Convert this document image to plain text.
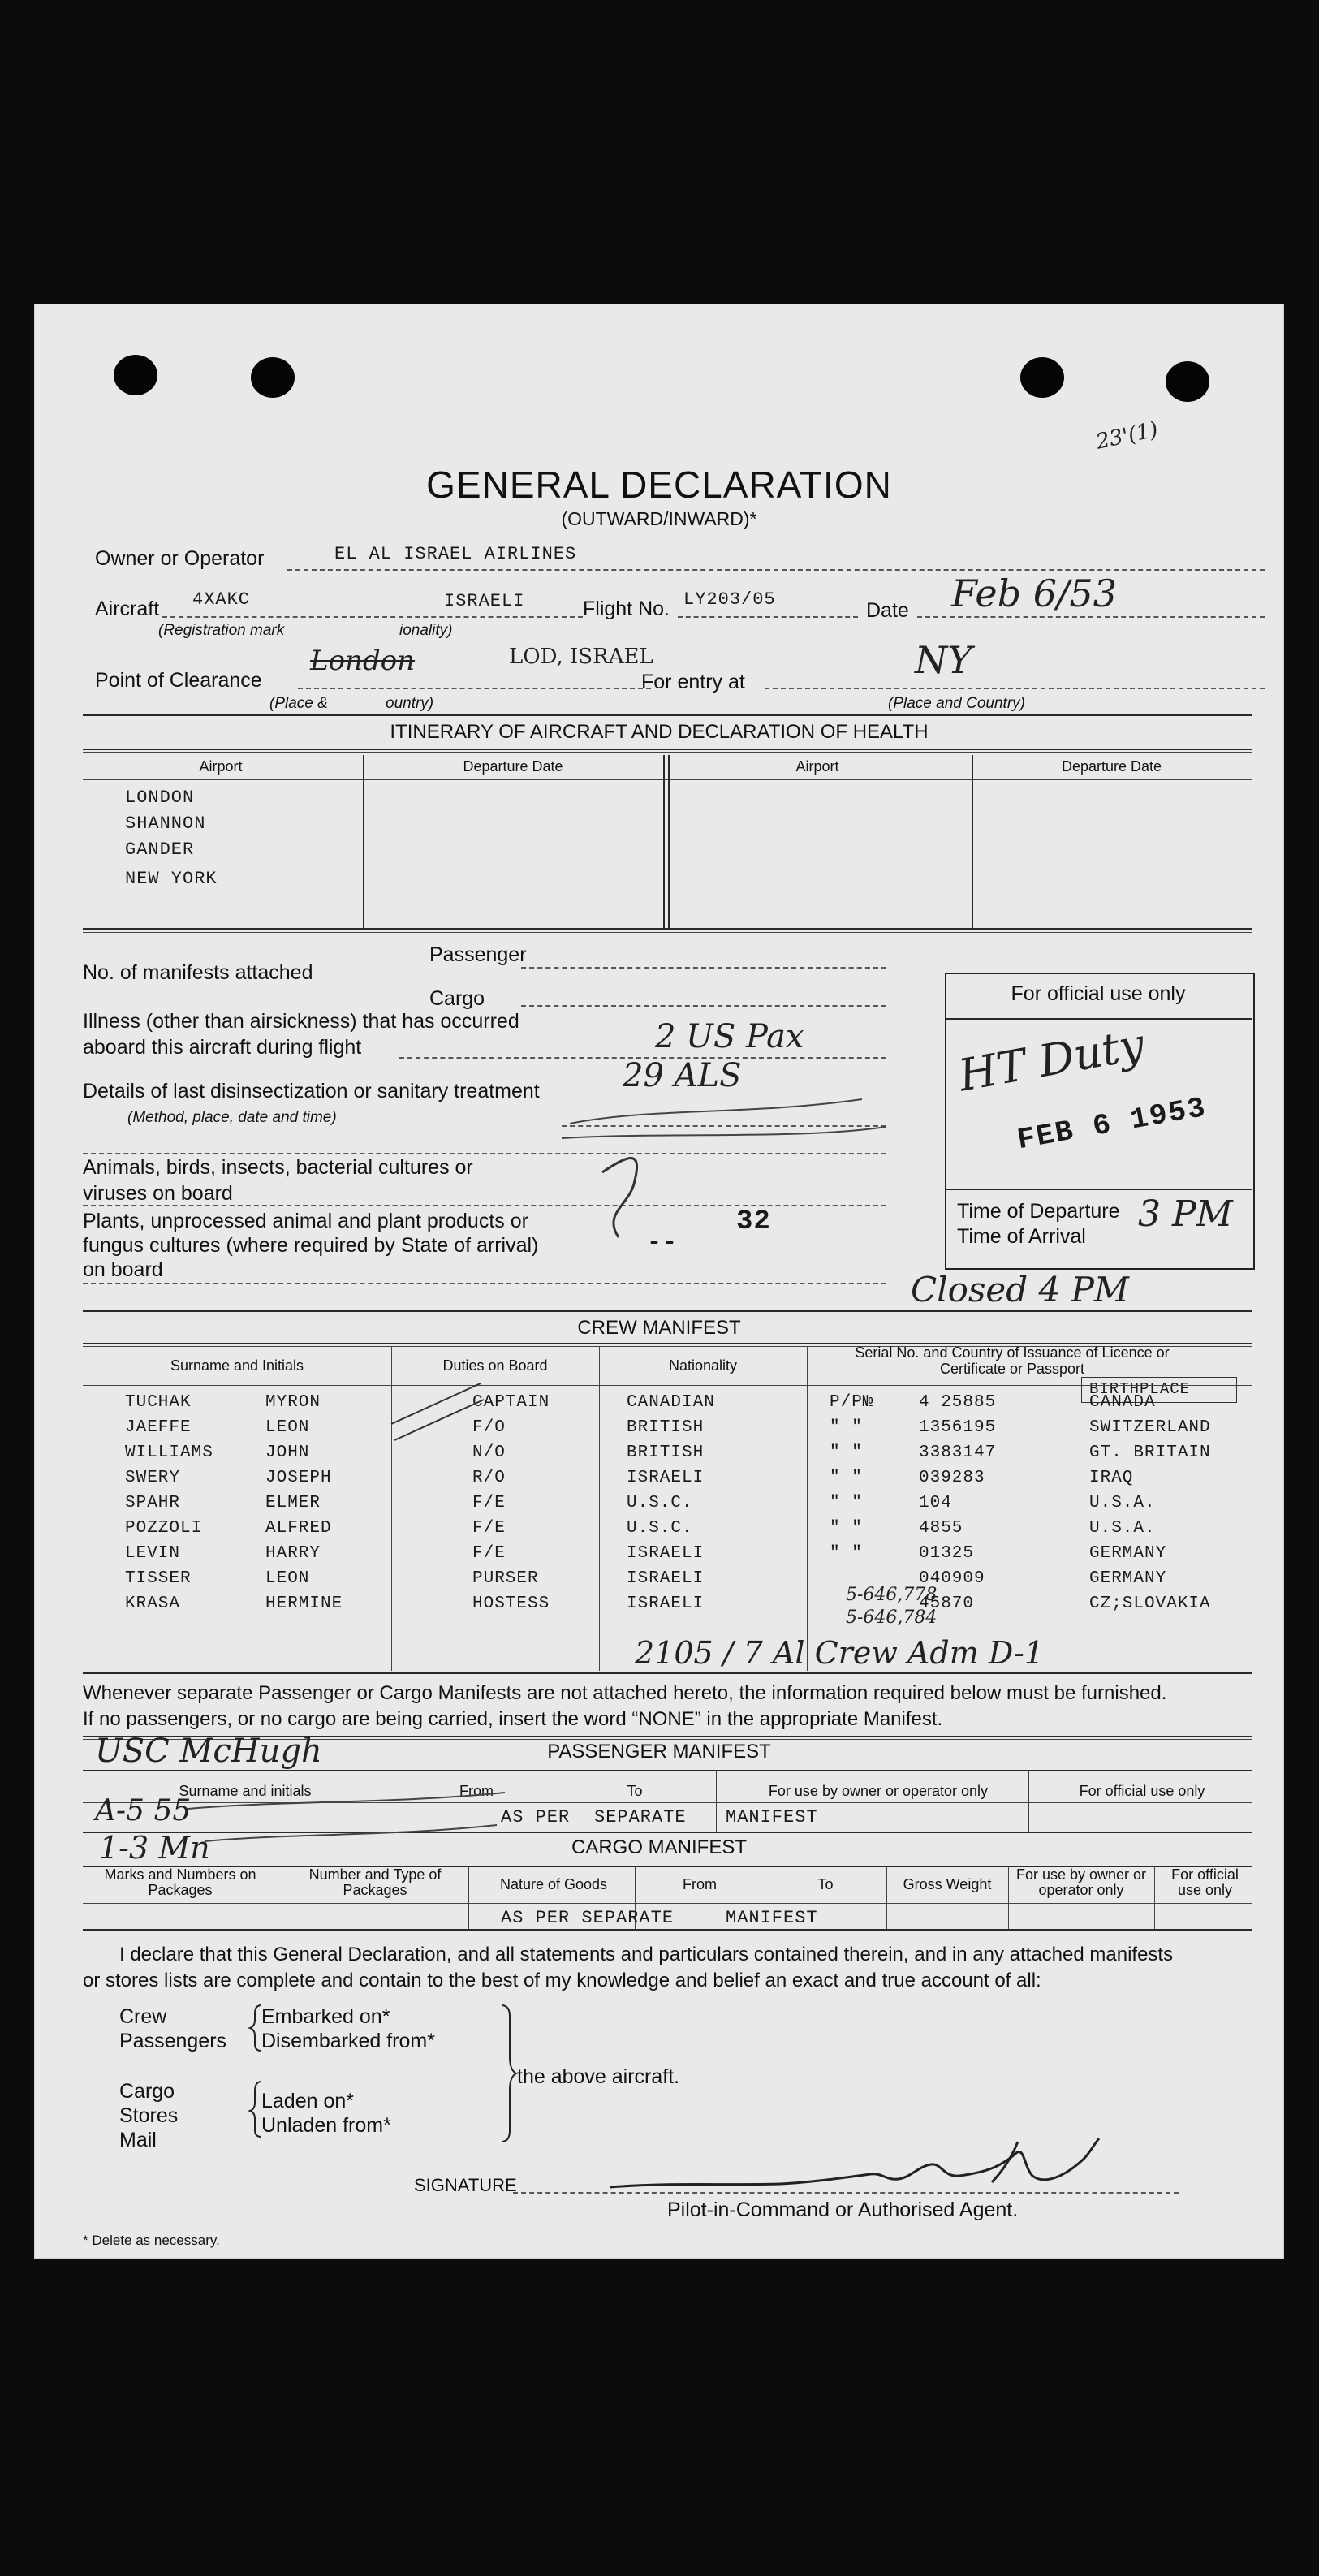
GENERAL DECLARATION
(OUTWARD/INWARD)*
23'(1)
Owner or Operator	EL AL ISRAEL AIRLINES
Aircraft 4XAKC	ISRAELI
(Registration mark	ionality)
Flight No. LY203/05	Date Feb 6/53
Point of Clearance
London	LOD, ISRAEL
(Place &	ountry)
For entry at	NY
(Place and Country)
ITINERARY OF AIRCRAFT AND DECLARATION OF HEALTH
Airport	Departure Date	Airport	Departure Date
LONDON
SHANNON
GANDER
NEW YORK
No. of manifests attached
Passenger
Cargo
Illness (other than airsickness) that has occurred
aboard this aircraft during flight	2 US Pax
Details of last disinsectization or sanitary treatment
(Method, place, date and time)
29 ALS
Animals, birds, insects, bacterial cultures or
viruses on board
Plants, unprocessed animal and plant products or
fungus cultures (where required by State of arrival)
on board
--
32
For official use only
HT Duty
FEB 6 1953
Time of Departure
Time of Arrival
3 PM
Closed 4 PM
CREW MANIFEST
Surname and Initials	Duties on Board	Nationality
Serial No. and Country of Issuance of Licence or Certificate or Passport
BIRTHPLACE
TUCHAK	MYRON	CAPTAIN	CANADIAN	P/P№	4 25885	CANADA
JAEFFE	LEON	F/O	BRITISH	" "	1356195	SWITZERLAND
WILLIAMS	JOHN	N/O	BRITISH	" "	3383147	GT. BRITAIN
SWERY	JOSEPH	R/O	ISRAELI	" "	039283	IRAQ
SPAHR	ELMER	F/E	U.S.C.	" "	104	U.S.A.
POZZOLI	ALFRED	F/E	U.S.C.	" "	4855	U.S.A.
LEVIN	HARRY	F/E	ISRAELI	" "	01325	GERMANY
TISSER	LEON	PURSER	ISRAELI	040909	GERMANY
KRASA	HERMINE	HOSTESS	ISRAELI	45870	CZ;SLOVAKIA
5-646,778
5-646,784
2105 / 7 Al Crew Adm D-1
Whenever separate Passenger or Cargo Manifests are not attached hereto, the information required below must be furnished.
If no passengers, or no cargo are being carried, insert the word “NONE” in the appropriate Manifest.
PASSENGER MANIFEST
USC McHugh
Surname and initials	From	To	For use by owner or operator only	For official use only
A-5 55	AS PER SEPARATE MANIFEST
CARGO MANIFEST
1-3 Mn
Marks and Numbers on Packages
Number and Type of Packages	Nature of Goods	From	To	Gross Weight
For use by owner or operator only
For official use only
AS PER SEPARATE	MANIFEST
I declare that this General Declaration, and all statements and particulars contained therein, and in any attached manifests
or stores lists are complete and contain to the best of my knowledge and belief an exact and true account of all:
Crew
Passengers
Embarked on*
Disembarked from*
Cargo
Stores
Mail
Laden on*
Unladen from*
the above aircraft.
SIGNATURE
Pilot-in-Command or Authorised Agent.
* Delete as necessary.
